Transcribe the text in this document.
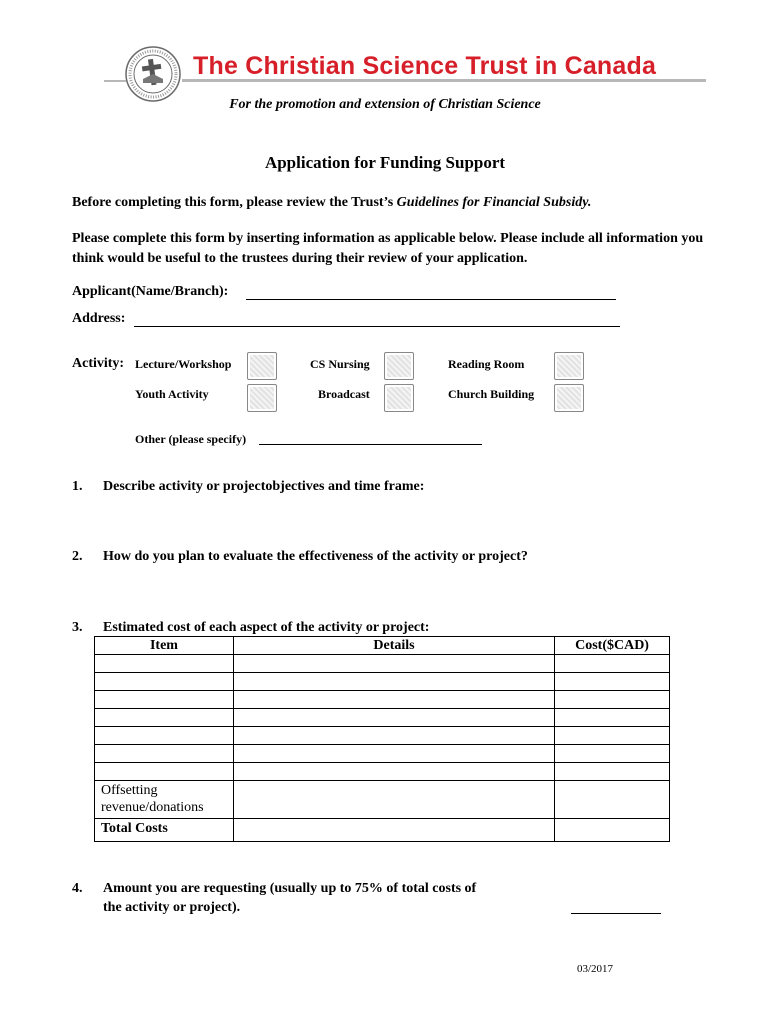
The Christian Science Trust in Canada
For the promotion and extension of Christian Science
Application for Funding Support
Before completing this form, please review the Trust’s Guidelines for Financial Subsidy.
Please complete this form by inserting information as applicable below. Please include all information you think would be useful to the trustees during their review of your application.
Applicant(Name/Branch):
Address:
Activity: Lecture/Workshop	CS Nursing	Reading Room
Youth Activity	Broadcast	Church Building
Other (please specify)
1. Describe activity or projectobjectives and time frame:
2. How do you plan to evaluate the effectiveness of the activity or project?
3. Estimated cost of each aspect of the activity or project:
Item	Details	Cost($CAD)

Offsetting
revenue/donations		
Total Costs		
4. Amount you are requesting (usually up to 75% of total costs of
the activity or project).
03/2017
